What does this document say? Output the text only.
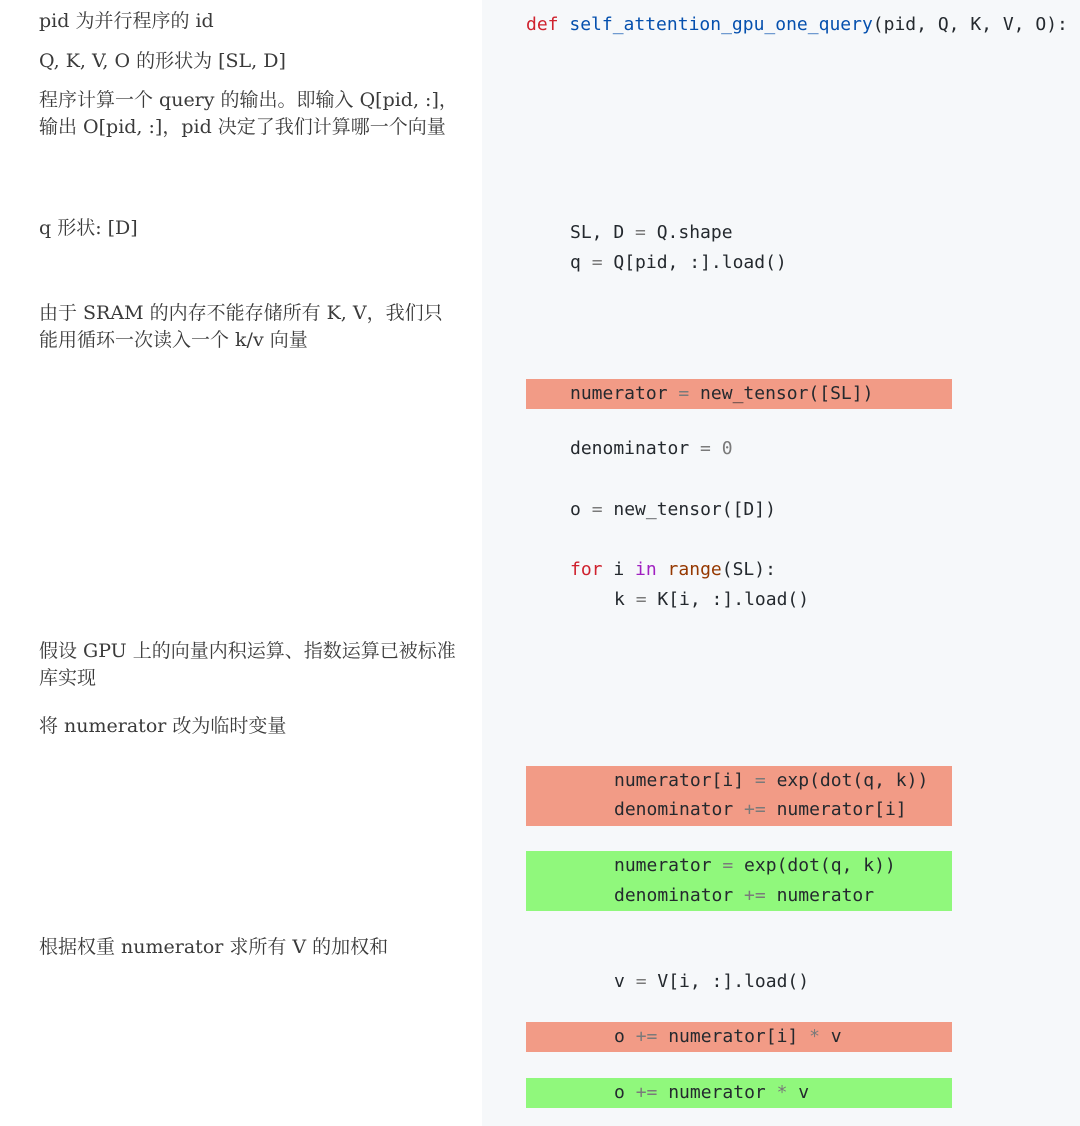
pid 为并行程序的 id
Q, K, V, O 的形状为 [SL, D]
程序计算一个 query 的输出。即输入 Q[pid, :]， 输出 O[pid, :]，pid 决定了我们计算哪一个向量
q 形状: [D]
由于 SRAM 的内存不能存储所有 K, V，我们只能用循环一次读入一个 k/v 向量
假设 GPU 上的向量内积运算、指数运算已被标准库实现
将 numerator 改为临时变量
根据权重 numerator 求所有 V 的加权和
def self_attention_gpu_one_query(pid, Q, K, V, O):
SL, D = Q.shape
q = Q[pid, :].load()
numerator = new_tensor([SL])
denominator = 0
o = new_tensor([D])
for i in range(SL):
k = K[i, :].load()
numerator[i] = exp(dot(q, k))
denominator += numerator[i]
numerator = exp(dot(q, k))
denominator += numerator
v = V[i, :].load()
o += numerator[i] * v
o += numerator * v
